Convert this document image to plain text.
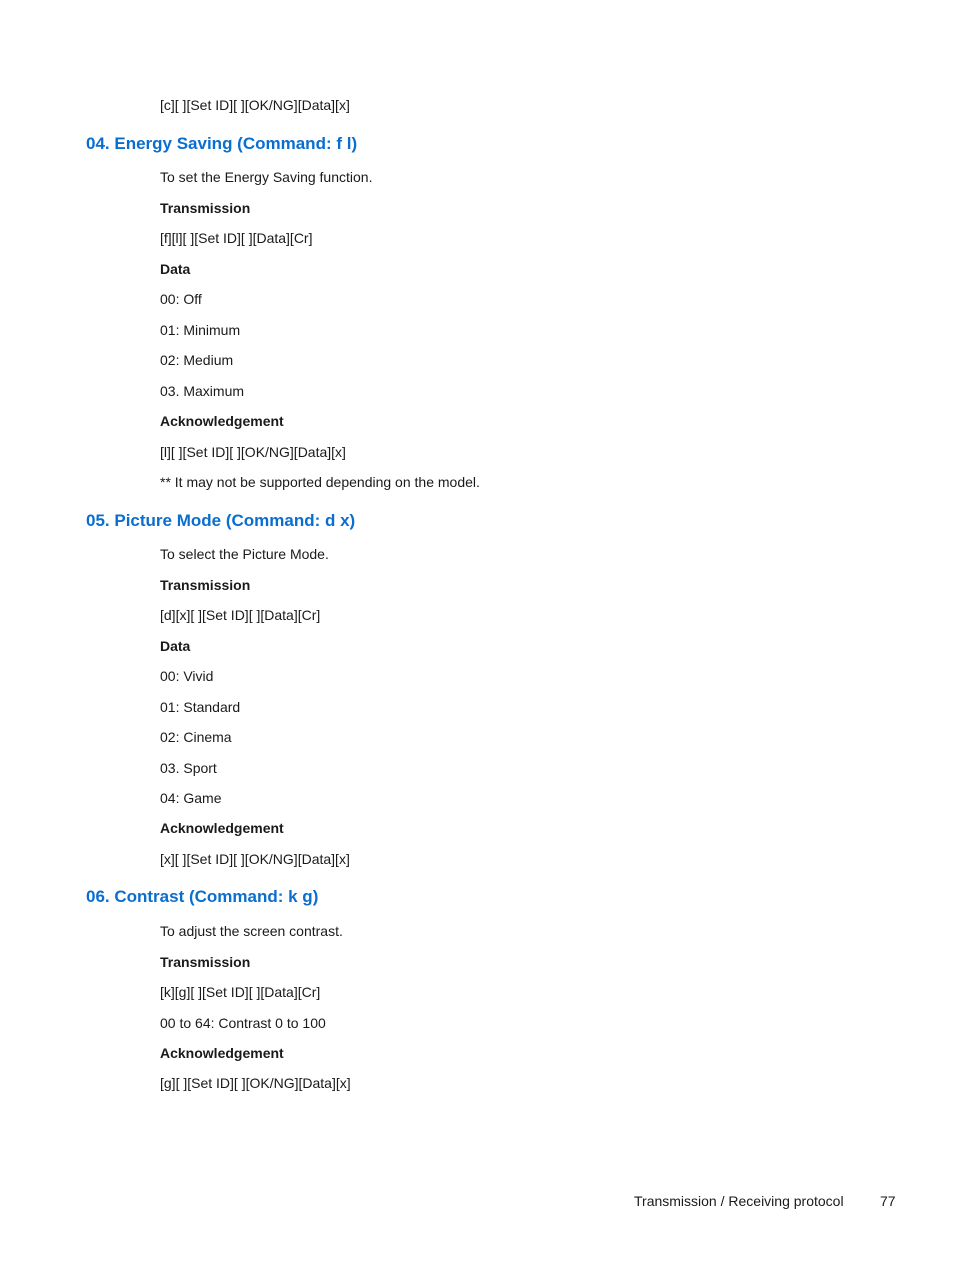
[c][ ][Set ID][ ][OK/NG][Data][x]
04. Energy Saving (Command: f l)
To set the Energy Saving function.
Transmission
[f][l][ ][Set ID][ ][Data][Cr]
Data
00: Off
01: Minimum
02: Medium
03. Maximum
Acknowledgement
[l][ ][Set ID][ ][OK/NG][Data][x]
** It may not be supported depending on the model.
05. Picture Mode (Command: d x)
To select the Picture Mode.
Transmission
[d][x][ ][Set ID][ ][Data][Cr]
Data
00: Vivid
01: Standard
02: Cinema
03. Sport
04: Game
Acknowledgement
[x][ ][Set ID][ ][OK/NG][Data][x]
06. Contrast (Command: k g)
To adjust the screen contrast.
Transmission
[k][g][ ][Set ID][ ][Data][Cr]
00 to 64: Contrast 0 to 100
Acknowledgement
[g][ ][Set ID][ ][OK/NG][Data][x]
Transmission / Receiving protocol	77
